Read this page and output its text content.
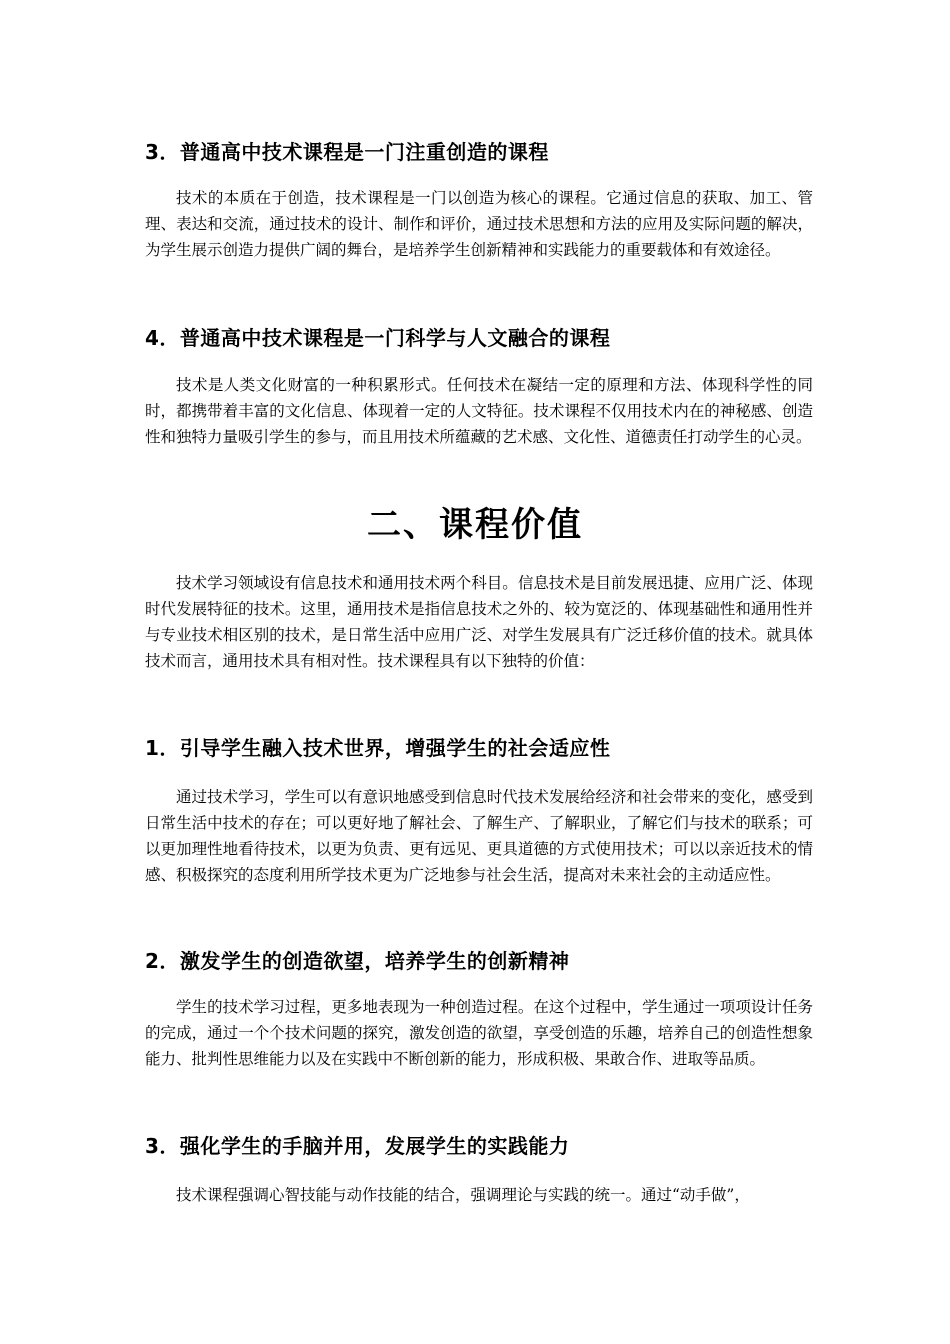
3．普通高中技术课程是一门注重创造的课程

技术的本质在于创造，技术课程是一门以创造为核心的课程。它通过信息的获取、加工、管理、表达和交流，通过技术的设计、制作和评价，通过技术思想和方法的应用及实际问题的解决，为学生展示创造力提供广阔的舞台，是培养学生创新精神和实践能力的重要载体和有效途径。

4．普通高中技术课程是一门科学与人文融合的课程

技术是人类文化财富的一种积累形式。任何技术在凝结一定的原理和方法、体现科学性的同时，都携带着丰富的文化信息、体现着一定的人文特征。技术课程不仅用技术内在的神秘感、创造性和独特力量吸引学生的参与，而且用技术所蕴藏的艺术感、文化性、道德责任打动学生的心灵。

二、课程价值

技术学习领域设有信息技术和通用技术两个科目。信息技术是目前发展迅捷、应用广泛、体现时代发展特征的技术。这里，通用技术是指信息技术之外的、较为宽泛的、体现基础性和通用性并与专业技术相区别的技术，是日常生活中应用广泛、对学生发展具有广泛迁移价值的技术。就具体技术而言，通用技术具有相对性。技术课程具有以下独特的价值：

1．引导学生融入技术世界，增强学生的社会适应性

通过技术学习，学生可以有意识地感受到信息时代技术发展给经济和社会带来的变化，感受到日常生活中技术的存在；可以更好地了解社会、了解生产、了解职业，了解它们与技术的联系；可以更加理性地看待技术，以更为负责、更有远见、更具道德的方式使用技术；可以以亲近技术的情感、积极探究的态度利用所学技术更为广泛地参与社会生活，提高对未来社会的主动适应性。

2．激发学生的创造欲望，培养学生的创新精神

学生的技术学习过程，更多地表现为一种创造过程。在这个过程中，学生通过一项项设计任务的完成，通过一个个技术问题的探究，激发创造的欲望，享受创造的乐趣，培养自己的创造性想象能力、批判性思维能力以及在实践中不断创新的能力，形成积极、果敢合作、进取等品质。

3．强化学生的手脑并用，发展学生的实践能力

技术课程强调心智技能与动作技能的结合，强调理论与实践的统一。通过“动手做”，
